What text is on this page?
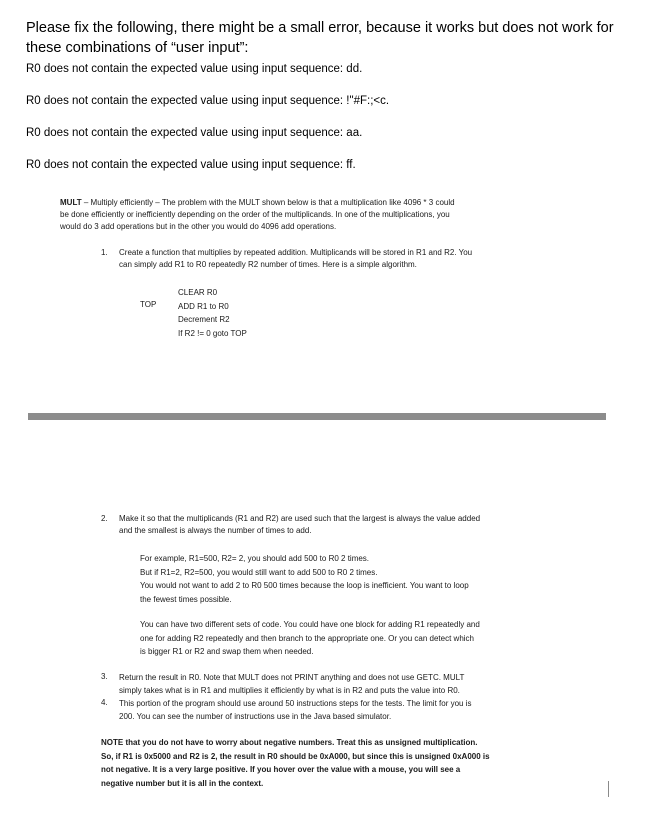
Please fix the following, there might be a small error, because it works but does not work for these combinations of “user input”:
R0 does not contain the expected value using input sequence: dd.
R0 does not contain the expected value using input sequence: !"#F:;<c.
R0 does not contain the expected value using input sequence: aa.
R0 does not contain the expected value using input sequence: ff.
MULT – Multiply efficiently – The problem with the MULT shown below is that a multiplication like 4096 * 3 could
be done efficiently or inefficiently depending on the order of the multiplicands. In one of the multiplications, you
would do 3 add operations but in the other you would do 4096 add operations.
1. Create a function that multiplies by repeated addition. Multiplicands will be stored in R1 and R2. You
can simply add R1 to R0 repeatedly R2 number of times. Here is a simple algorithm.
TOP
CLEAR R0
ADD R1 to R0
Decrement R2
If R2 != 0 goto TOP
2. Make it so that the multiplicands (R1 and R2) are used such that the largest is always the value added
and the smallest is always the number of times to add.
For example, R1=500, R2= 2, you should add 500 to R0 2 times.
But if R1=2, R2=500, you would still want to add 500 to R0 2 times.
You would not want to add 2 to R0 500 times because the loop is inefficient. You want to loop
the fewest times possible.
You can have two different sets of code. You could have one block for adding R1 repeatedly and
one for adding R2 repeatedly and then branch to the appropriate one. Or you can detect which
is bigger R1 or R2 and swap them when needed.
3. Return the result in R0. Note that MULT does not PRINT anything and does not use GETC. MULT
simply takes what is in R1 and multiplies it efficiently by what is in R2 and puts the value into R0.
4. This portion of the program should use around 50 instructions steps for the tests. The limit for you is
200. You can see the number of instructions use in the Java based simulator.
NOTE that you do not have to worry about negative numbers. Treat this as unsigned multiplication.
So, if R1 is 0x5000 and R2 is 2, the result in R0 should be 0xA000, but since this is unsigned 0xA000 is
not negative. It is a very large positive. If you hover over the value with a mouse, you will see a
negative number but it is all in the context.
